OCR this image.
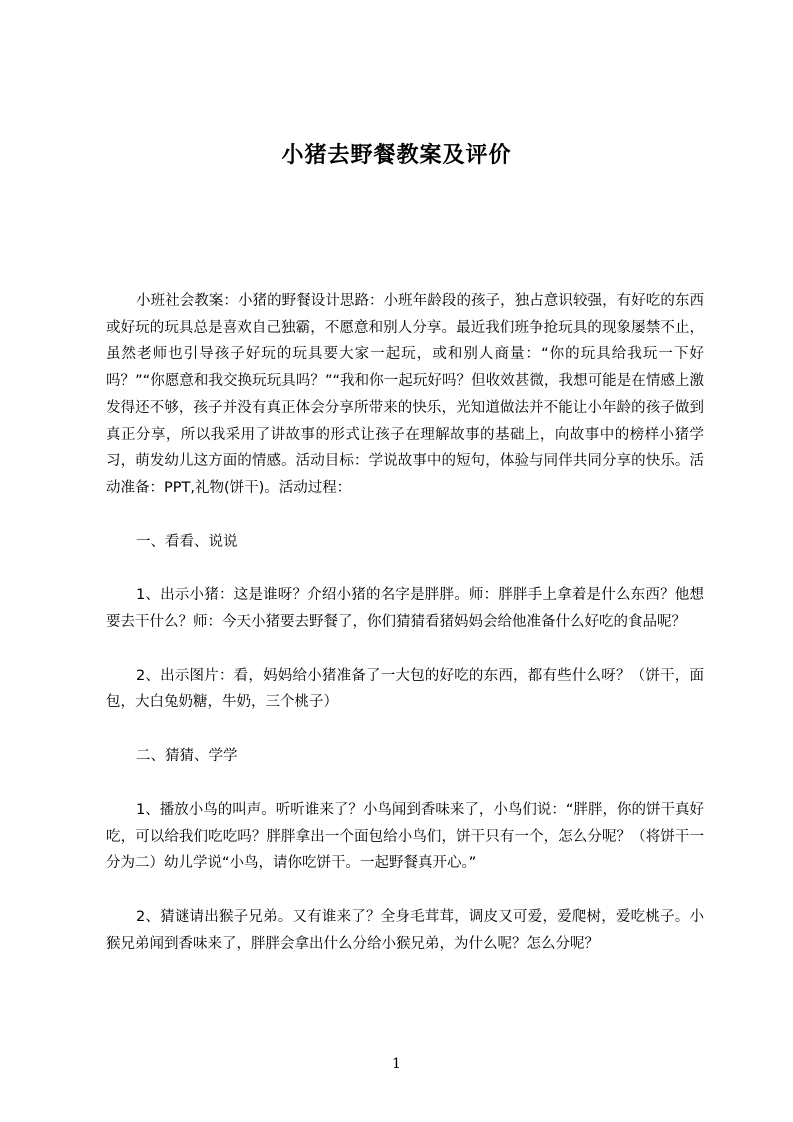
小猪去野餐教案及评价

小班社会教案：小猪的野餐设计思路：小班年龄段的孩子，独占意识较强，有好吃的东西或好玩的玩具总是喜欢自己独霸，不愿意和别人分享。最近我们班争抢玩具的现象屡禁不止，虽然老师也引导孩子好玩的玩具要大家一起玩，或和别人商量：“你的玩具给我玩一下好吗？”“你愿意和我交换玩玩具吗？”“我和你一起玩好吗？但收效甚微，我想可能是在情感上激发得还不够，孩子并没有真正体会分享所带来的快乐，光知道做法并不能让小年龄的孩子做到真正分享，所以我采用了讲故事的形式让孩子在理解故事的基础上，向故事中的榜样小猪学习，萌发幼儿这方面的情感。活动目标：学说故事中的短句，体验与同伴共同分享的快乐。活动准备：PPT,礼物(饼干)。活动过程：

一、看看、说说

1、出示小猪：这是谁呀？介绍小猪的名字是胖胖。师：胖胖手上拿着是什么东西？他想要去干什么？师：今天小猪要去野餐了，你们猜猜看猪妈妈会给他准备什么好吃的食品呢？

2、出示图片：看，妈妈给小猪准备了一大包的好吃的东西，都有些什么呀？（饼干，面包，大白兔奶糖，牛奶，三个桃子）

二、猜猜、学学

1、播放小鸟的叫声。听听谁来了？小鸟闻到香味来了，小鸟们说：“胖胖，你的饼干真好吃，可以给我们吃吃吗？胖胖拿出一个面包给小鸟们，饼干只有一个，怎么分呢？（将饼干一分为二）幼儿学说“小鸟，请你吃饼干。一起野餐真开心。”

2、猜谜请出猴子兄弟。又有谁来了？全身毛茸茸，调皮又可爱，爱爬树，爱吃桃子。小猴兄弟闻到香味来了，胖胖会拿出什么分给小猴兄弟，为什么呢？怎么分呢？

1
